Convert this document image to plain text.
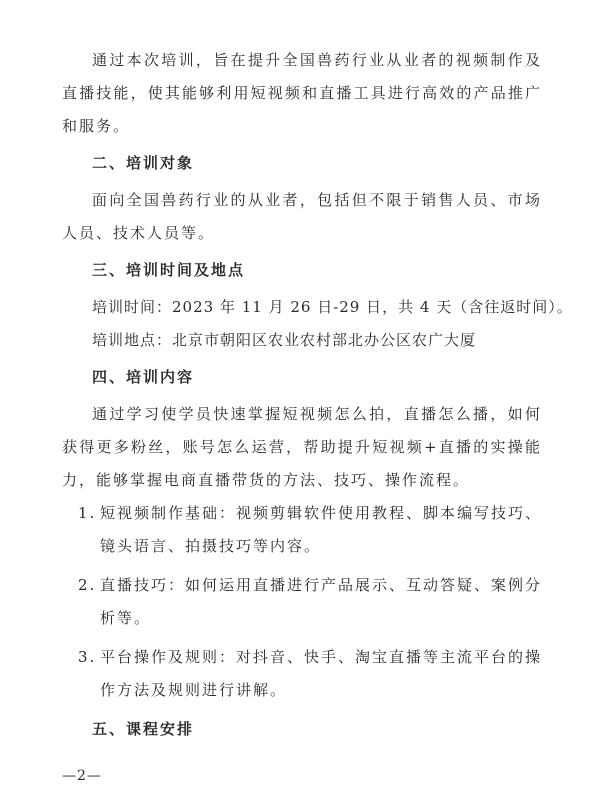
通过本次培训，旨在提升全国兽药行业从业者的视频制作及直播技能，使其能够利用短视频和直播工具进行高效的产品推广和服务。

二、培训对象

面向全国兽药行业的从业者，包括但不限于销售人员、市场人员、技术人员等。

三、培训时间及地点
培训时间：2023 年 11 月 26 日-29 日，共 4 天（含往返时间）。
培训地点：北京市朝阳区农业农村部北办公区农广大厦
四、培训内容

通过学习使学员快速掌握短视频怎么拍，直播怎么播，如何获得更多粉丝，账号怎么运营，帮助提升短视频+直播的实操能力，能够掌握电商直播带货的方法、技巧、操作流程。

1. 短视频制作基础：视频剪辑软件使用教程、脚本编写技巧、镜头语言、拍摄技巧等内容。
2. 直播技巧：如何运用直播进行产品展示、互动答疑、案例分析等。
3. 平台操作及规则：对抖音、快手、淘宝直播等主流平台的操作方法及规则进行讲解。
五、课程安排
—2—
